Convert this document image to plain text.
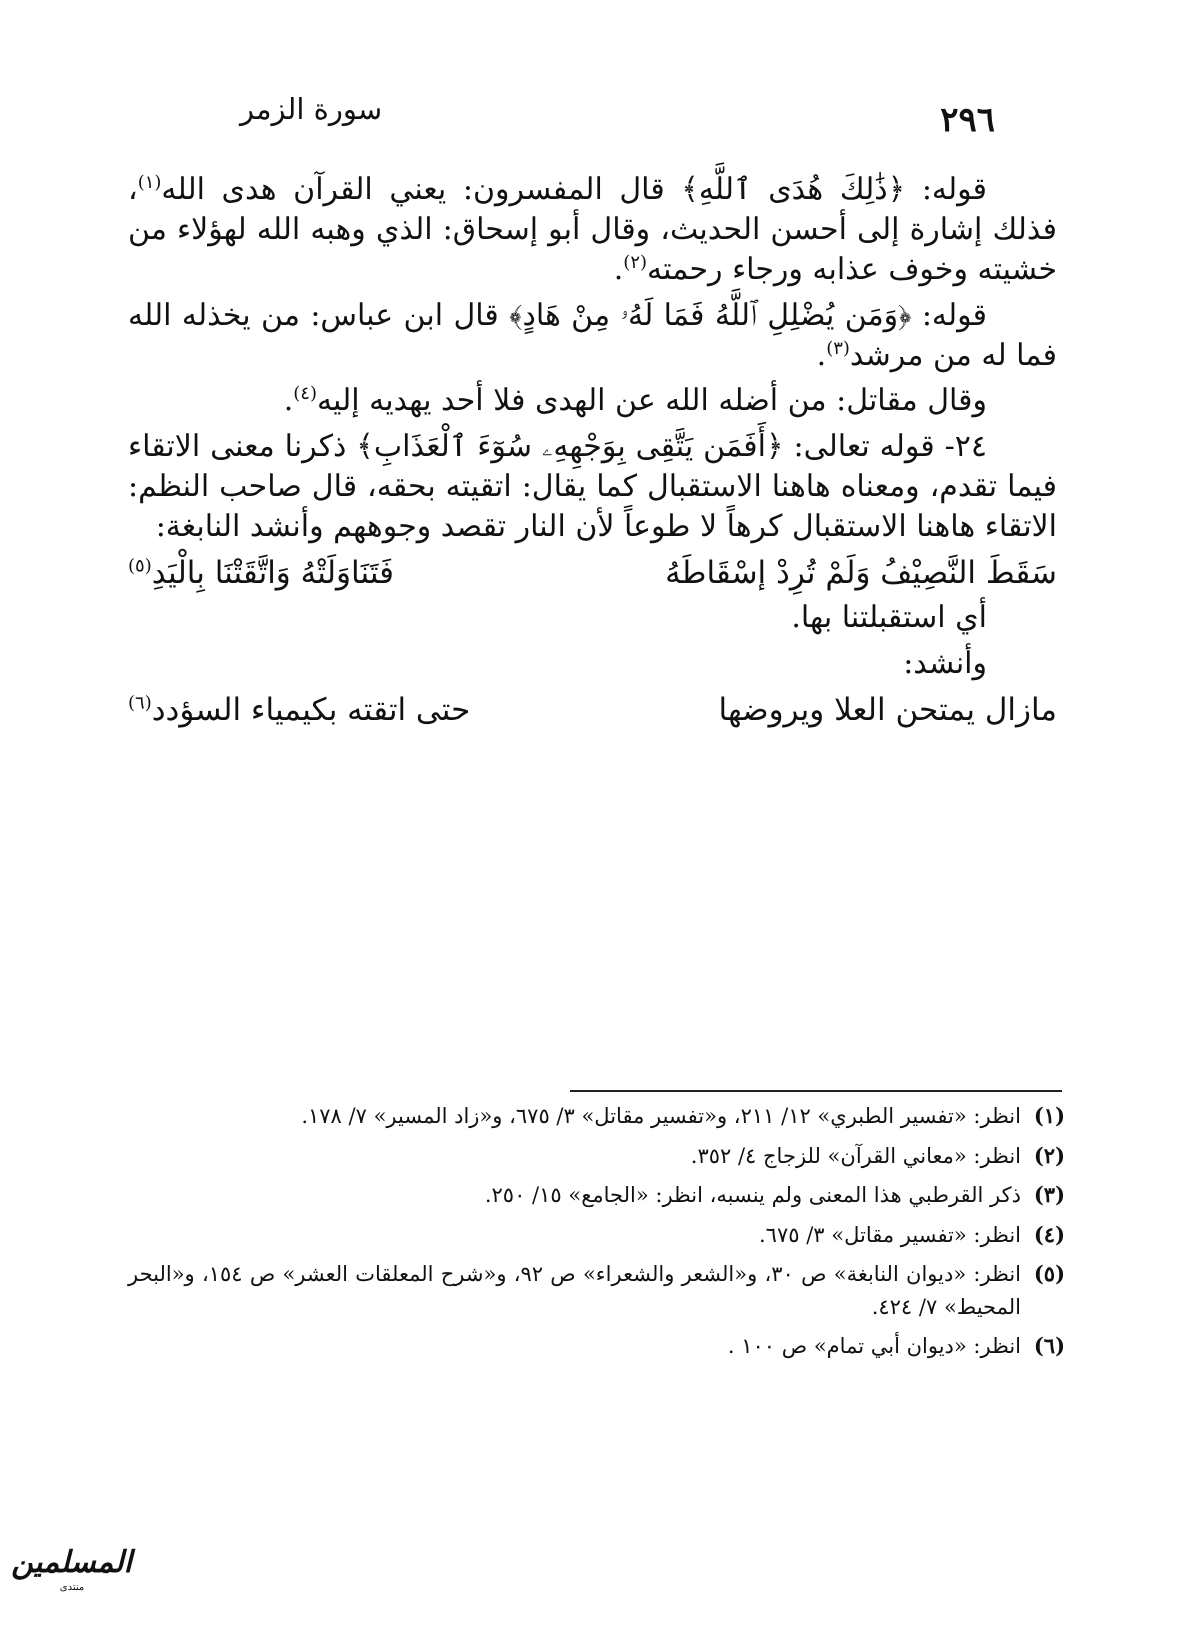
سورة الزمر	٢٩٦

قوله: ﴿ذَٰلِكَ هُدَى ٱللَّهِ﴾ قال المفسرون: يعني القرآن هدى الله$^{(١)}$، فذلك إشارة إلى أحسن الحديث، وقال أبو إسحاق: الذي وهبه الله لهؤلاء من خشيته وخوف عذابه ورجاء رحمته$^{(٢)}$.

قوله: ﴿وَمَن يُضْلِلِ ٱللَّهُ فَمَا لَهُۥ مِنْ هَادٍ﴾ قال ابن عباس: من يخذله الله فما له من مرشد$^{(٣)}$.

وقال مقاتل: من أضله الله عن الهدى فلا أحد يهديه إليه$^{(٤)}$.

٢٤- قوله تعالى: ﴿أَفَمَن يَتَّقِى بِوَجْهِهِۦ سُوٓءَ ٱلْعَذَابِ﴾ ذكرنا معنى الاتقاء فيما تقدم، ومعناه هاهنا الاستقبال كما يقال: اتقيته بحقه، قال صاحب النظم: الاتقاء هاهنا الاستقبال كرهاً لا طوعاً لأن النار تقصد وجوههم وأنشد النابغة:

سَقَطَ النَّصِيْفُ وَلَمْ تُرِدْ إسْقَاطَهُ
فَتَنَاوَلَتْهُ وَاتَّقَتْنَا بِالْيَدِ$^{(٥)}$

أي استقبلتنا بها.

وأنشد:

مازال يمتحن العلا ويروضها
حتى اتقته بكيمياء السؤدد$^{(٦)}$

(١)انظر: «تفسير الطبري» ١٢/ ٢١١، و«تفسير مقاتل» ٣/ ٦٧٥، و«زاد المسير» ٧/ ١٧٨.

(٢)انظر: «معاني القرآن» للزجاج ٤/ ٣٥٢.

(٣)ذكر القرطبي هذا المعنى ولم ينسبه، انظر: «الجامع» ١٥/ ٢٥٠.

(٤)انظر: «تفسير مقاتل» ٣/ ٦٧٥.

(٥)انظر: «ديوان النابغة» ص ٣٠، و«الشعر والشعراء» ص ٩٢، و«شرح المعلقات العشر» ص ١٥٤، و«البحر المحيط» ٧/ ٤٢٤.

(٦)انظر: «ديوان أبي تمام» ص ١٠٠ .

المسلمين
منتدى
